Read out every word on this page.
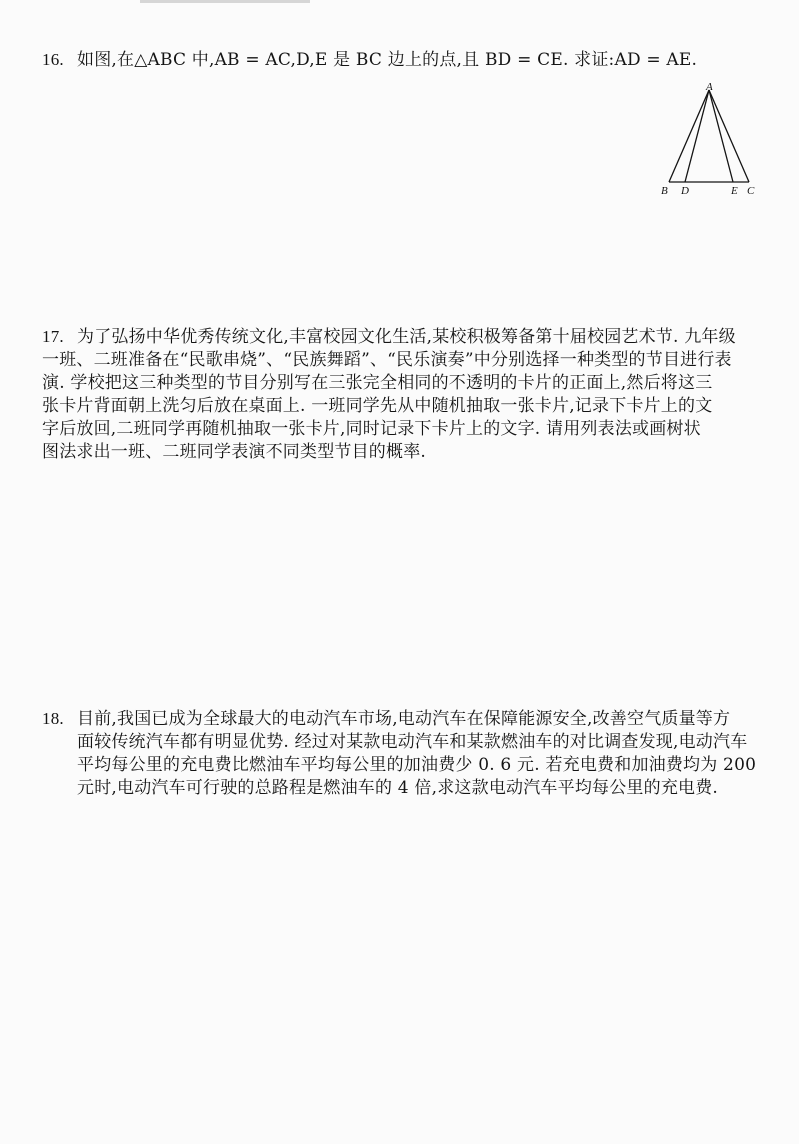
16. 如图,在△ABC 中,AB = AC,D,E 是 BC 边上的点,且 BD = CE. 求证:AD = AE.
A
B D	E C
17. 为了弘扬中华优秀传统文化,丰富校园文化生活,某校积极筹备第十届校园艺术节. 九年级
一班、二班准备在“民歌串烧”、“民族舞蹈”、“民乐演奏”中分别选择一种类型的节目进行表
演. 学校把这三种类型的节目分别写在三张完全相同的不透明的卡片的正面上,然后将这三
张卡片背面朝上洗匀后放在桌面上. 一班同学先从中随机抽取一张卡片,记录下卡片上的文
字后放回,二班同学再随机抽取一张卡片,同时记录下卡片上的文字. 请用列表法或画树状
图法求出一班、二班同学表演不同类型节目的概率.
18. 目前,我国已成为全球最大的电动汽车市场,电动汽车在保障能源安全,改善空气质量等方
面较传统汽车都有明显优势. 经过对某款电动汽车和某款燃油车的对比调查发现,电动汽车
平均每公里的充电费比燃油车平均每公里的加油费少 0. 6 元. 若充电费和加油费均为 200
元时,电动汽车可行驶的总路程是燃油车的 4 倍,求这款电动汽车平均每公里的充电费.
